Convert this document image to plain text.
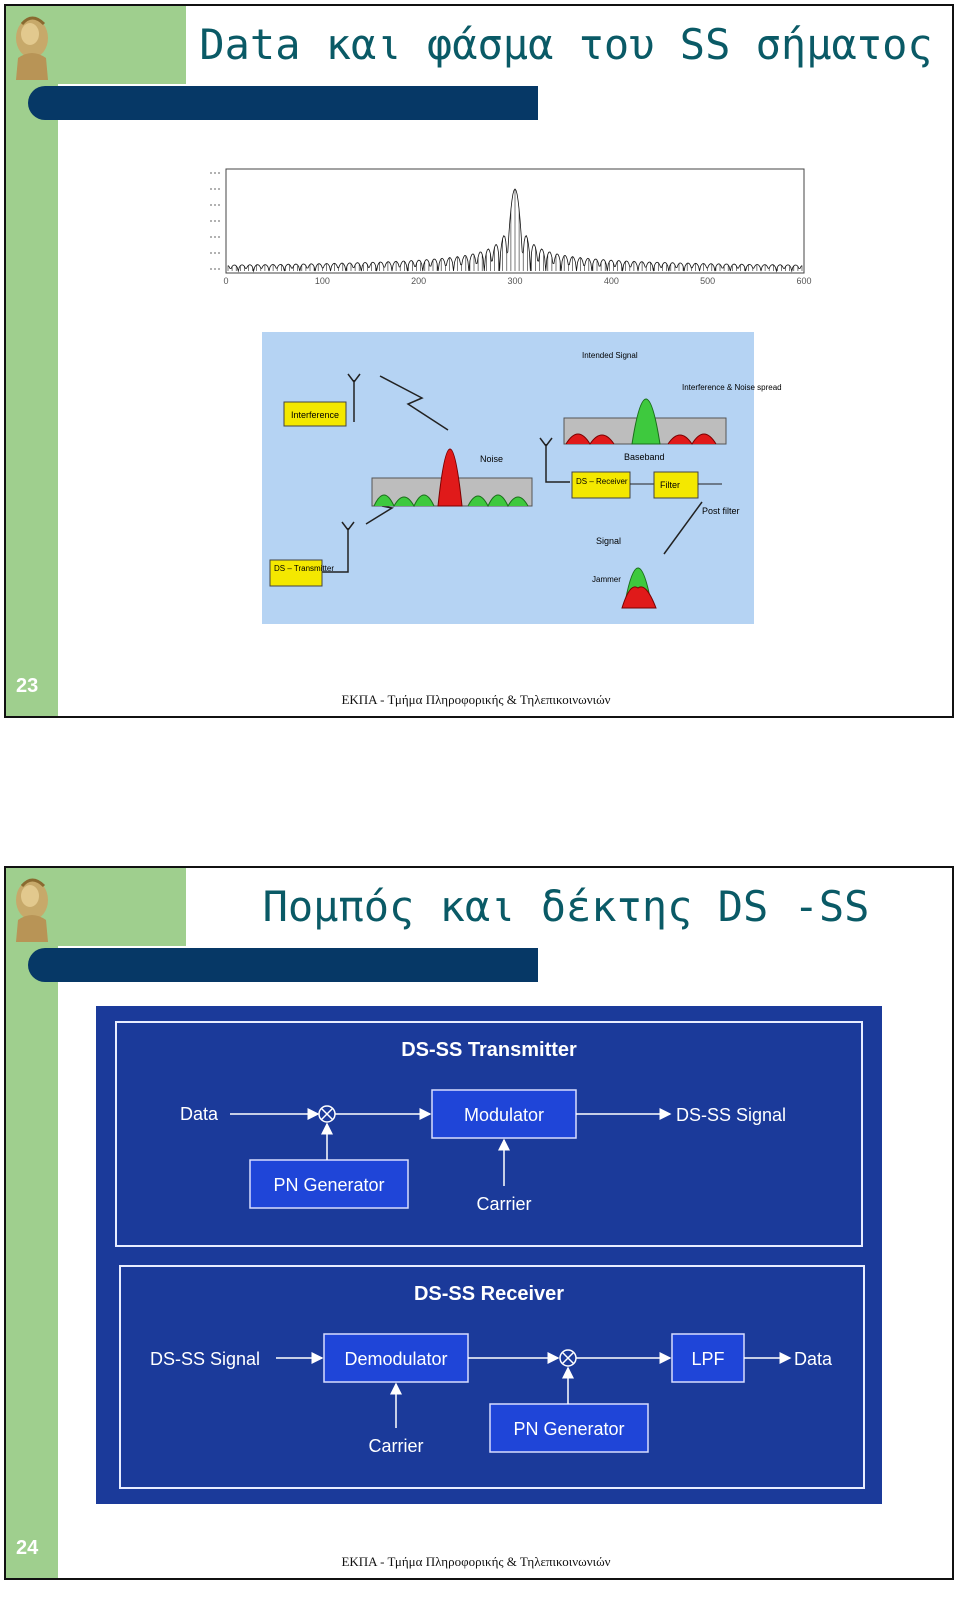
Data και φάσμα του SS σήματος
0	100	200	300	400	500	600
Interference
DS – Transmitter
Noise
Intended Signal
Interference & Noise spread
Baseband
DS – Receiver	Filter
Post filter
Signal
Jammer
23
ΕΚΠΑ - Τμήμα Πληροφορικής & Τηλεπικοινωνιών
Πομπός και δέκτης DS -SS
DS-SS Transmitter
Data	Modulator	DS-SS Signal
PN Generator
Carrier
DS-SS Receiver
DS-SS Signal	Demodulator	LPF	Data
Carrier
PN Generator
24
ΕΚΠΑ - Τμήμα Πληροφορικής & Τηλεπικοινωνιών
